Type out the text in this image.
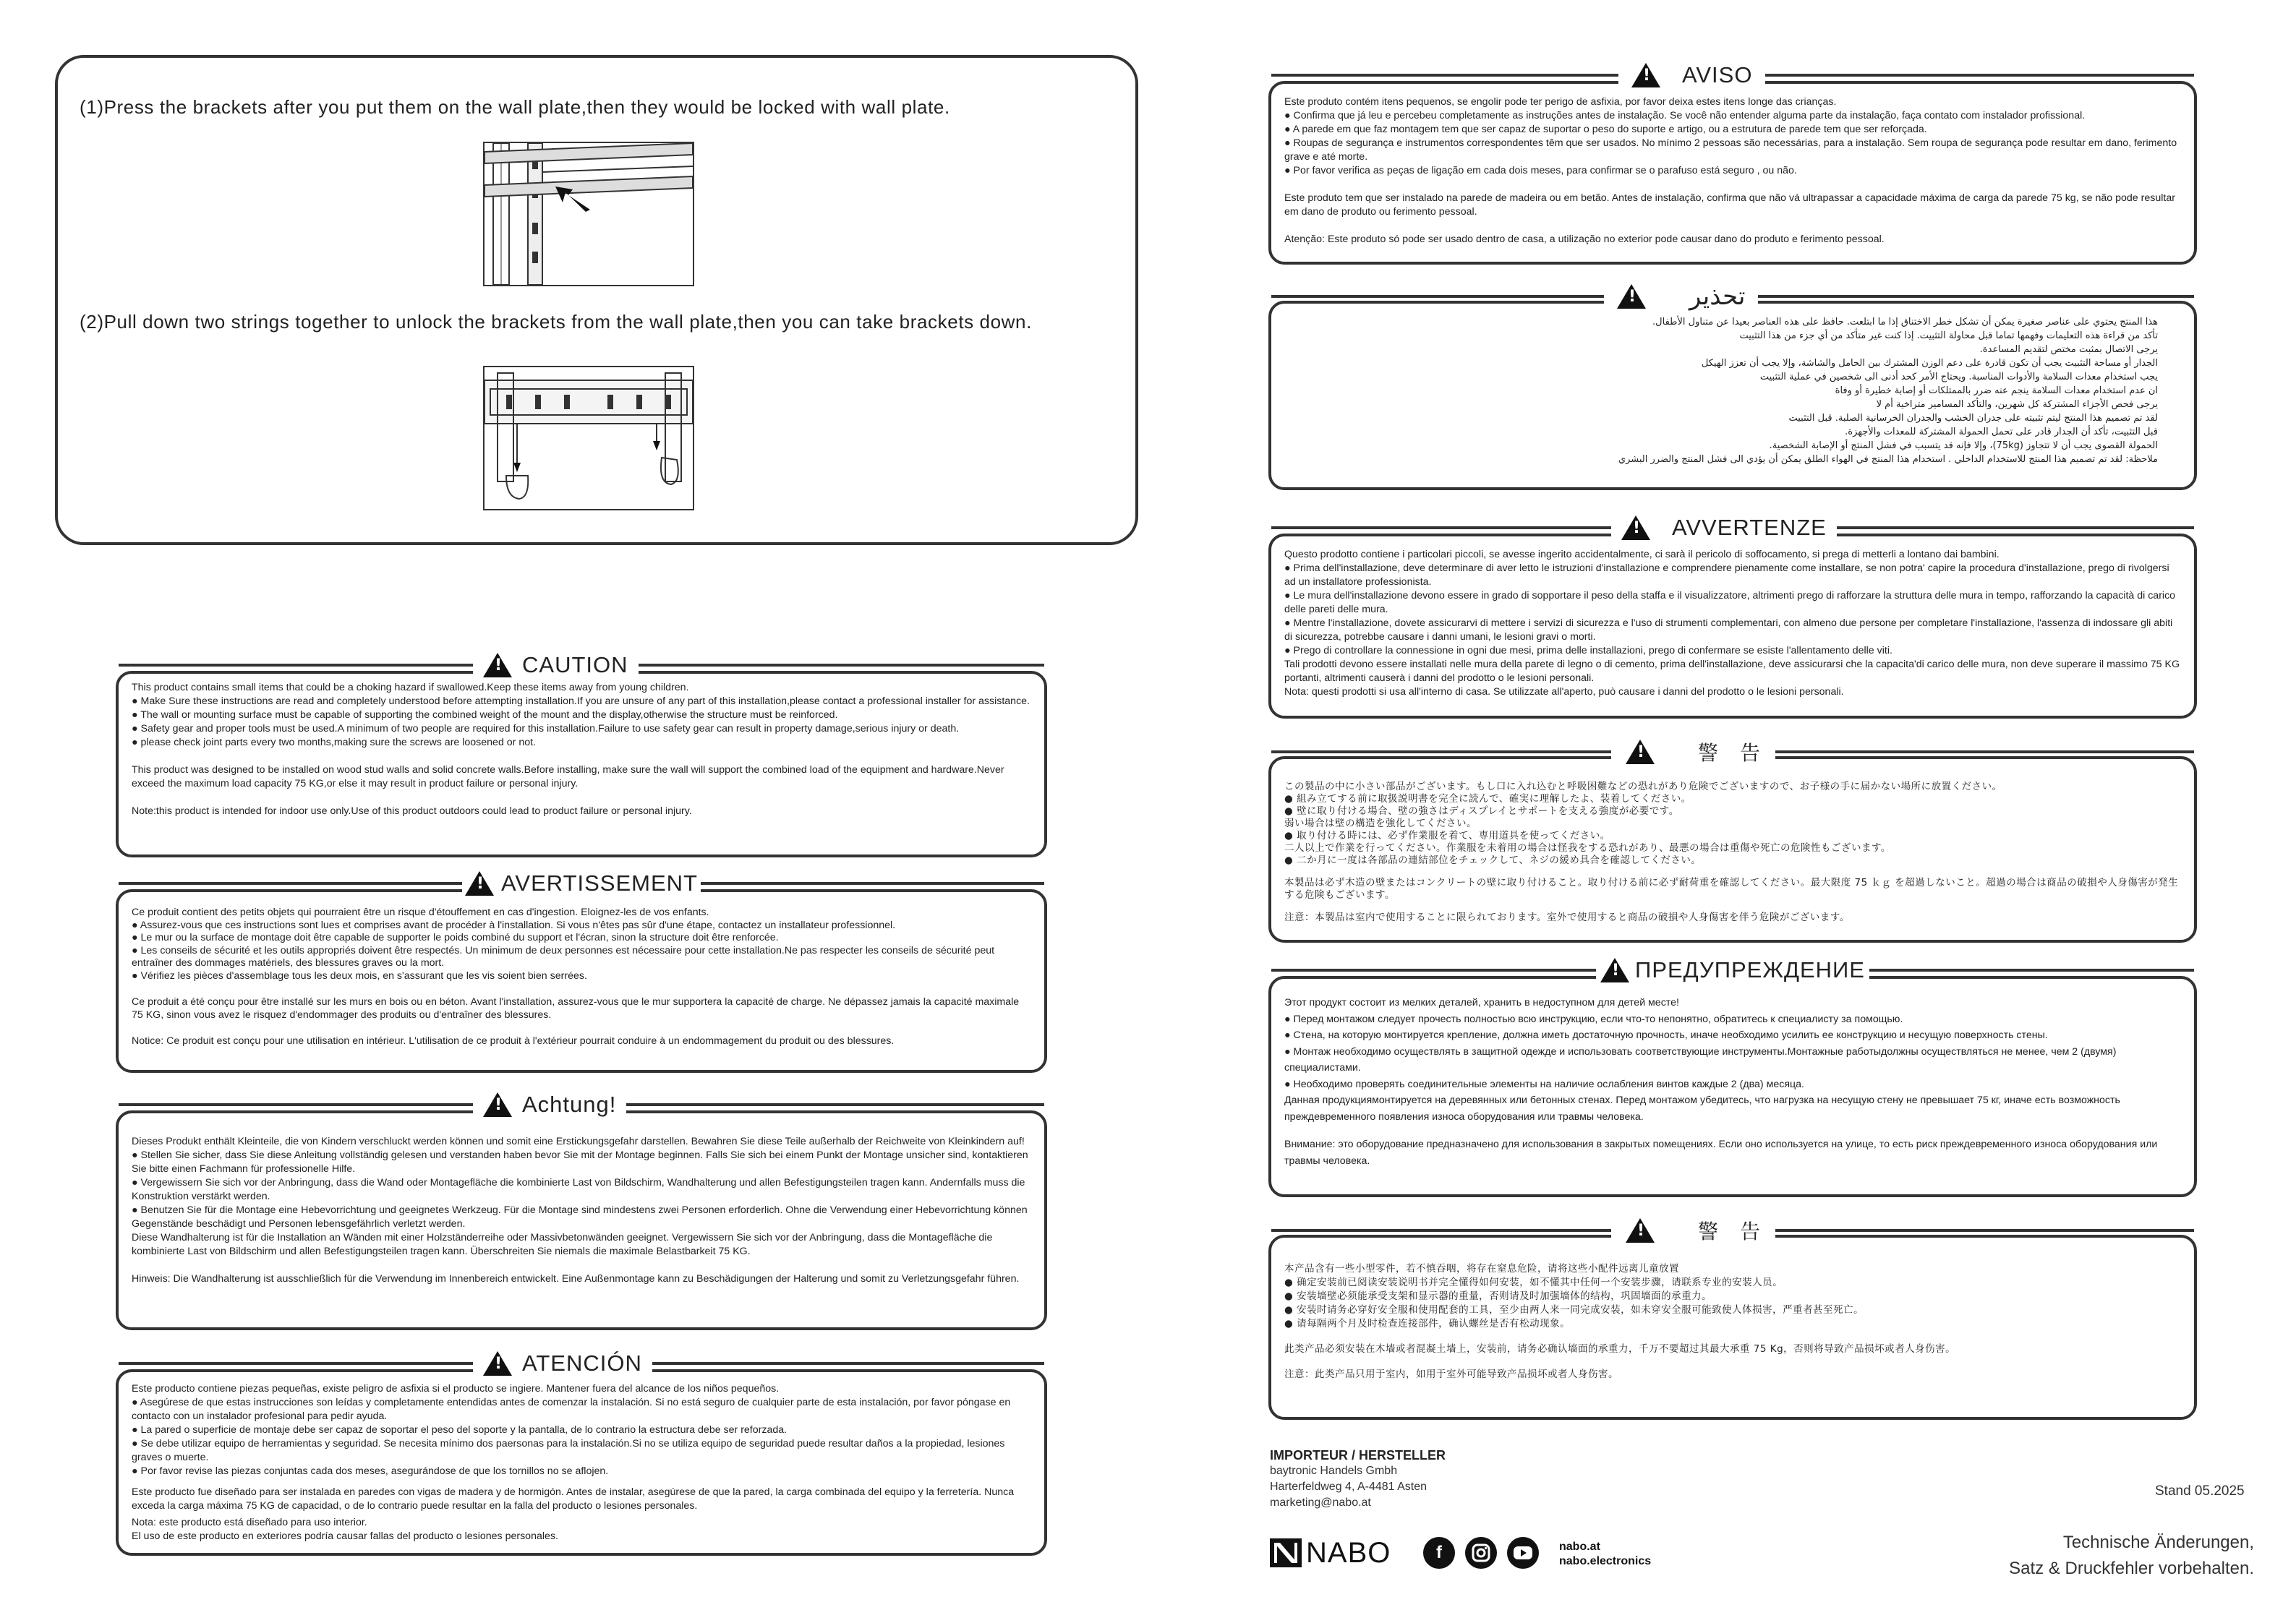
(1)Press the brackets after you put them on the wall plate,then they would be locked with wall plate.
(2)Pull down two strings together to unlock the brackets from the wall plate,then you can take brackets down.
!
CAUTION

This product contains small items that could be a choking hazard if swallowed.Keep these items away from young children.

● Make Sure these instructions are read and completely understood before attempting installation.If you are unsure of any part of this installation,please contact a professional installer for assistance.

● The wall or mounting surface must be capable of supporting the combined weight of the mount and the display,otherwise the structure must be reinforced.

● Safety gear and proper tools must be used.A minimum of two people are required for this installation.Failure to use safety gear can result in property damage,serious injury or death.

● please check joint parts every two months,making sure the screws are loosened or not.

This product was designed to be installed on wood stud walls and solid concrete walls.Before installing, make sure the wall will support the combined load of the equipment and hardware.Never exceed the maximum load capacity 75 KG,or else it may result in product failure or personal injury.

Note:this product is intended for indoor use only.Use of this product outdoors could lead to product failure or personal injury.

!
AVERTISSEMENT

Ce produit contient des petits objets qui pourraient être un risque d'étouffement en cas d'ingestion. Eloignez-les de vos enfants.

● Assurez-vous que ces instructions sont lues et comprises avant de procéder à l'installation. Si vous n'êtes pas sûr d'une étape, contactez un installateur professionnel.

● Le mur ou la surface de montage doit être capable de supporter le poids combiné du support et l'écran, sinon la structure doit être renforcée.

● Les conseils de sécurité et les outils appropriés doivent être respectés. Un minimum de deux personnes est nécessaire pour cette installation.Ne pas respecter les conseils de sécurité peut entraîner des dommages matériels, des blessures graves ou la mort.

● Vérifiez les pièces d'assemblage tous les deux mois, en s'assurant que les vis soient bien serrées.

Ce produit a été conçu pour être installé sur les murs en bois ou en béton. Avant l'installation, assurez-vous que le mur supportera la capacité de charge. Ne dépassez jamais la capacité maximale 75 KG, sinon vous avez le risquez d'endommager des produits ou d'entraîner des blessures.

Notice: Ce produit est conçu pour une utilisation en intérieur. L'utilisation de ce produit à l'extérieur pourrait conduire à un endommagement du produit ou des blessures.

!
Achtung!

Dieses Produkt enthält Kleinteile, die von Kindern verschluckt werden können und somit eine Erstickungsgefahr darstellen. Bewahren Sie diese Teile außerhalb der Reichweite von Kleinkindern auf!

● Stellen Sie sicher, dass Sie diese Anleitung vollständig gelesen und verstanden haben bevor Sie mit der Montage beginnen. Falls Sie sich bei einem Punkt der Montage unsicher sind, kontaktieren Sie bitte einen Fachmann für professionelle Hilfe.

● Vergewissern Sie sich vor der Anbringung, dass die Wand oder Montagefläche die kombinierte Last von Bildschirm, Wandhalterung und allen Befestigungsteilen tragen kann. Andernfalls muss die Konstruktion verstärkt werden.

● Benutzen Sie für die Montage eine Hebevorrichtung und geeignetes Werkzeug. Für die Montage sind mindestens zwei Personen erforderlich. Ohne die Verwendung einer Hebevorrichtung können Gegenstände beschädigt und Personen lebensgefährlich verletzt werden.

Diese Wandhalterung ist für die Installation an Wänden mit einer Holzständerreihe oder Massivbetonwänden geeignet. Vergewissern Sie sich vor der Anbringung, dass die Montagefläche die kombinierte Last von Bildschirm und allen Befestigungsteilen tragen kann. Überschreiten Sie niemals die maximale Belastbarkeit 75 KG.

Hinweis: Die Wandhalterung ist ausschließlich für die Verwendung im Innenbereich entwickelt. Eine Außenmontage kann zu Beschädigungen der Halterung und somit zu Verletzungsgefahr führen.

!
ATENCIÓN

Este producto contiene piezas pequeñas, existe peligro de asfixia si el producto se ingiere. Mantener fuera del alcance de los niños pequeños.

● Asegúrese de que estas instrucciones son leídas y completamente entendidas antes de comenzar la instalación. Si no está seguro de cualquier parte de esta instalación, por favor póngase en contacto con un instalador profesional para pedir ayuda.

● La pared o superficie de montaje debe ser capaz de soportar el peso del soporte y la pantalla, de lo contrario la estructura debe ser reforzada.

● Se debe utilizar equipo de herramientas y seguridad. Se necesita mínimo dos paersonas para la instalación.Si no se utiliza equipo de seguridad puede resultar daños a la propiedad, lesiones graves o muerte.

● Por favor revise las piezas conjuntas cada dos meses, asegurándose de que los tornillos no se aflojen.

Este producto fue diseñado para ser instalada en paredes con vigas de madera y de hormigón. Antes de instalar, asegúrese de que la pared, la carga combinada del equipo y la ferretería. Nunca exceda la carga máxima 75 KG de capacidad, o de lo contrario puede resultar en la falla del producto o lesiones personales.

Nota: este producto está diseñado para uso interior.

El uso de este producto en exteriores podría causar fallas del producto o lesiones personales.

!
AVISO

Este produto contém itens pequenos, se engolir pode ter perigo de asfixia, por favor deixa estes itens longe das crianças.

● Confirma que já leu e percebeu completamente as instruções antes de instalação. Se você não entender alguma parte da instalação, faça contato com instalador profissional.

● A parede em que faz montagem tem que ser capaz de suportar o peso do suporte e artigo, ou a estrutura de parede tem que ser reforçada.

● Roupas de segurança e instrumentos correspondentes têm que ser usados. No mínimo 2 pessoas são necessárias, para a instalação. Sem roupa de segurança pode resultar em dano, ferimento grave e até morte.

● Por favor verifica as peças de ligação em cada dois meses, para confirmar se o parafuso está seguro , ou não.

Este produto tem que ser instalado na parede de madeira ou em betão. Antes de instalação, confirma que não vá ultrapassar a capacidade máxima de carga da parede 75 kg, se não pode resultar em dano de produto ou ferimento pessoal.

Atenção: Este produto só pode ser usado dentro de casa, a utilização no exterior pode causar dano do produto e ferimento pessoal.

!
تحذير

هذا المنتج يحتوي على عناصر صغيرة يمكن أن تشكل خطر الاختناق إذا ما ابتلعت. حافظ على هذه العناصر بعيدا عن متناول الأطفال.

تأكد من قراءة هذه التعليمات وفهمها تماما قبل محاولة التثبيت. إذا كنت غير متأكد من أي جزء من هذا التثبيت

يرجى الاتصال بمثبت مختص لتقديم المساعدة.

الجدار أو مساحة التثبيت يجب أن تكون قادرة على دعم الوزن المشترك بين الحامل والشاشة، وإلا يجب أن تعزز الهيكل

يجب استخدام معدات السلامة والأدوات المناسبة. ويحتاج الأمر كحد أدنى الى شخصين في عملية التثبيت

ان عدم استخدام معدات السلامة ينجم عنه ضرر بالممتلكات أو إصابة خطيرة أو وفاة

يرجى فحص الأجزاء المشتركة كل شهرين، والتأكد المسامير متراخية أم لا

لقد تم تصميم هذا المنتج ليتم تثبيته على جدران الخشب والجدران الخرسانية الصلبة. قبل التثبيت

قبل التثبيت، تأكد أن الجدار قادر على تحمل الحمولة المشتركة للمعدات والأجهزة.

الحمولة القصوى يجب أن لا تتجاوز (75kg)، وإلا فإنه قد يتسبب في فشل المنتج أو الإصابة الشخصية.

ملاحظة: لقد تم تصميم هذا المنتج للاستخدام الداخلي . استخدام هذا المنتج في الهواء الطلق يمكن أن يؤدي الى فشل المنتج والضرر البشري

!
AVVERTENZE

Questo prodotto contiene i particolari piccoli, se avesse ingerito accidentalmente, ci sarà il pericolo di soffocamento, si prega di metterli a lontano dai bambini.

● Prima dell'installazione, deve determinare di aver letto le istruzioni d'installazione e comprendere pienamente come installare, se non potra' capire la procedura d'installazione, prego di rivolgersi ad un installatore professionista.

● Le mura dell'installazione devono essere in grado di sopportare il peso della staffa e il visualizzatore, altrimenti prego di rafforzare la struttura delle mura in tempo, rafforzando la capacità di carico delle pareti delle mura.

● Mentre l'installazione, dovete assicurarvi di mettere i servizi di sicurezza e l'uso di strumenti complementari, con almeno due persone per completare l'installazione, l'assenza di indossare gli abiti di sicurezza, potrebbe causare i danni umani, le lesioni gravi o morti.

● Prego di controllare la connessione in ogni due mesi, prima delle installazioni, prego di confermare se esiste l'allentamento delle viti.

Tali prodotti devono essere installati nelle mura della parete di legno o di cemento, prima dell'installazione, deve assicurarsi che la capacita'di carico delle mura, non deve superare il massimo 75 KG portanti, altrimenti causerà i danni del prodotto o le lesioni personali.

Nota: questi prodotti si usa all'interno di casa. Se utilizzate all'aperto, può causare i danni del prodotto o le lesioni personali.

!
警　告

この製品の中に小さい部品がございます。もし口に入れ込むと呼吸困難などの恐れがあり危険でございますので、お子様の手に届かない場所に放置ください。

● 組み立てする前に取扱説明書を完全に読んで、確実に理解したよ、装着してください。

● 壁に取り付ける場合、壁の強さはディスプレイとサポートを支える強度が必要です。

弱い場合は壁の構造を強化してください。

● 取り付ける時には、必ず作業服を着て、専用道具を使ってください。

二人以上で作業を行ってください。作業服を未着用の場合は怪我をする恐れがあり、最悪の場合は重傷や死亡の危険性もございます。

● 二か月に一度は各部品の連結部位をチェックして、ネジの緩め具合を確認してください。

本製品は必ず木造の壁またはコンクリートの壁に取り付けること。取り付ける前に必ず耐荷重を確認してください。最大限度 75 ｋｇ を超過しないこと。超過の場合は商品の破損や人身傷害が発生する危険もございます。

注意：本製品は室内で使用することに限られております。室外で使用すると商品の破損や人身傷害を伴う危険がございます。

!
ПРЕДУПРЕЖДЕНИЕ

Этот продукт состоит из мелких деталей, хранить в недоступном для детей месте!

● Перед монтажом следует прочесть полностью всю инструкцию, если что-то непонятно, обратитесь к специалисту за помощью.

● Стена, на которую монтируется крепление, должна иметь достаточную прочность, иначе необходимо усилить ее конструкцию и несущую поверхность стены.

● Монтаж необходимо осуществлять в защитной одежде и использовать соответствующие инструменты.Монтажные работыдолжны осуществляться не менее, чем 2 (двумя) специалистами.

● Необходимо проверять соединительные элементы на наличие ослабления винтов каждые 2 (два) месяца.

Данная продукциямонтируется на деревянных или бетонных стенах. Перед монтажом убедитесь, что нагрузка на несущую стену не превышает 75 кг, иначе есть возможность преждевременного появления износа оборудования или травмы человека.

Внимание: это оборудование предназначено для использования в закрытых помещениях. Если оно используется на улице, то есть риск преждевременного износа оборудования или травмы человека.

!
警　告

本产品含有一些小型零件，若不慎吞咽，将存在窒息危险，请将这些小配件远离儿童放置

● 确定安装前已阅读安装说明书并完全懂得如何安装，如不懂其中任何一个安装步骤，请联系专业的安装人员。

● 安装墙壁必须能承受支架和显示器的重量，否则请及时加强墙体的结构，巩固墙面的承重力。

● 安装时请务必穿好安全服和使用配套的工具，至少由两人来一同完成安装，如未穿安全服可能致使人体损害，严重者甚至死亡。

● 请每隔两个月及时检查连接部件，确认螺丝是否有松动现象。

此类产品必须安装在木墙或者混凝土墙上，安装前，请务必确认墙面的承重力，千万不要超过其最大承重 75 Kg，否则将导致产品损坏或者人身伤害。

注意：此类产品只用于室内，如用于室外可能导致产品损坏或者人身伤害。

IMPORTEUR / HERSTELLER
baytronic Handels Gmbh
Harterfeldweg 4, A-4481 Asten
marketing@nabo.at
Stand 05.2025
NABO	f	nabo.at
nabo.electronics
Technische Änderungen,
Satz & Druckfehler vorbehalten.
